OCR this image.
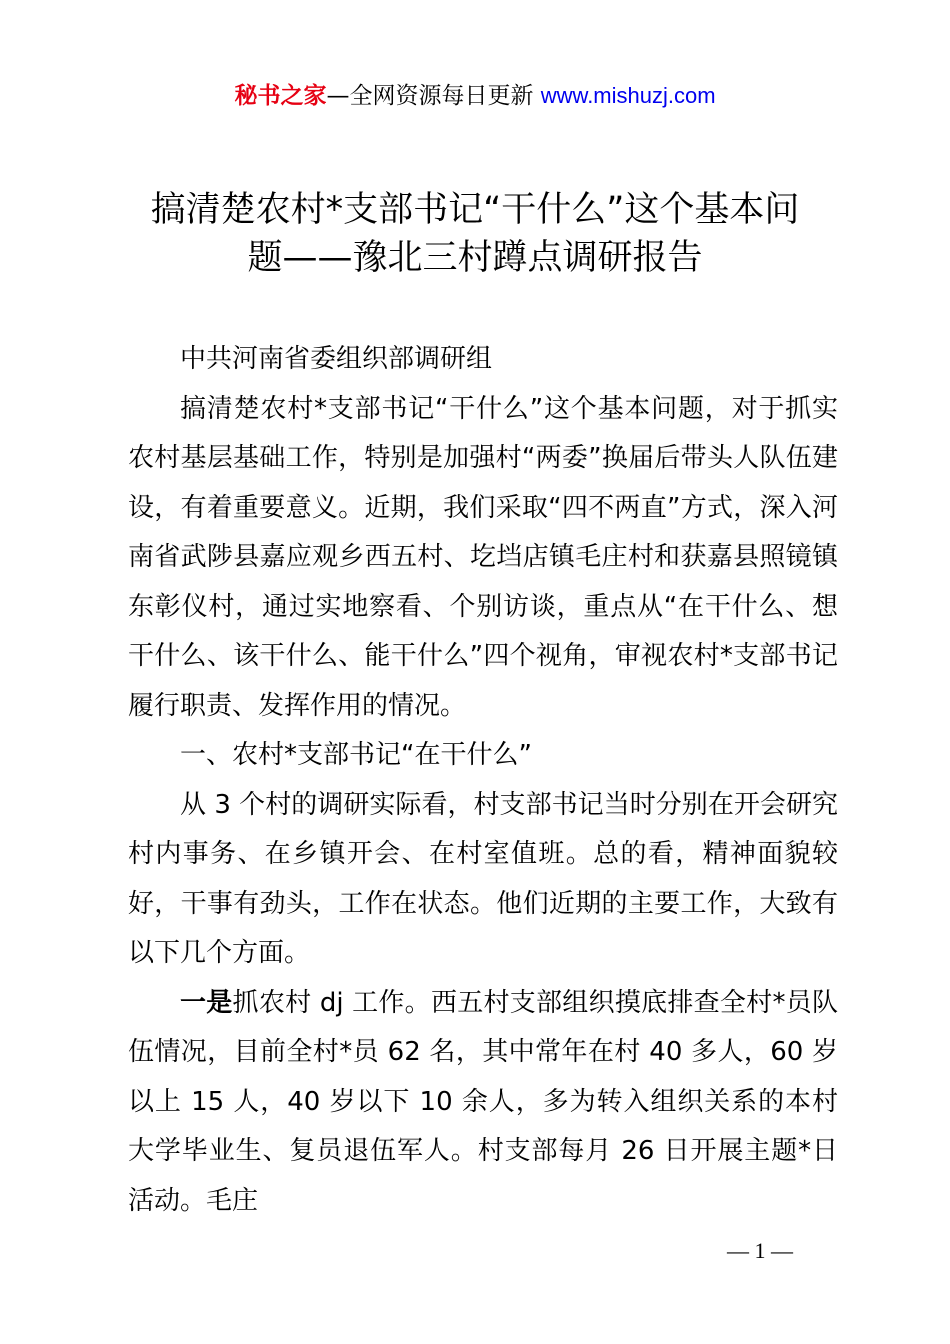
秘书之家—全网资源每日更新 www.mishuzj.com
搞清楚农村*支部书记“干什么”这个基本问
题——豫北三村蹲点调研报告

中共河南省委组织部调研组

搞清楚农村*支部书记“干什么”这个基本问题，对于抓实农村基层基础工作，特别是加强村“两委”换届后带头人队伍建设，有着重要意义。近期，我们采取“四不两直”方式，深入河南省武陟县嘉应观乡西五村、圪垱店镇毛庄村和获嘉县照镜镇东彰仪村，通过实地察看、个别访谈，重点从“在干什么、想干什么、该干什么、能干什么”四个视角，审视农村*支部书记履行职责、发挥作用的情况。

一、农村*支部书记“在干什么”

从 3 个村的调研实际看，村支部书记当时分别在开会研究村内事务、在乡镇开会、在村室值班。总的看，精神面貌较好，干事有劲头，工作在状态。他们近期的主要工作，大致有以下几个方面。

一是抓农村 dj 工作。西五村支部组织摸底排查全村*员队伍情况，目前全村*员 62 名，其中常年在村 40 多人，60 岁以上 15 人，40 岁以下 10 余人，多为转入组织关系的本村大学毕业生、复员退伍军人。村支部每月 26 日开展主题*日活动。毛庄

— 1 —
